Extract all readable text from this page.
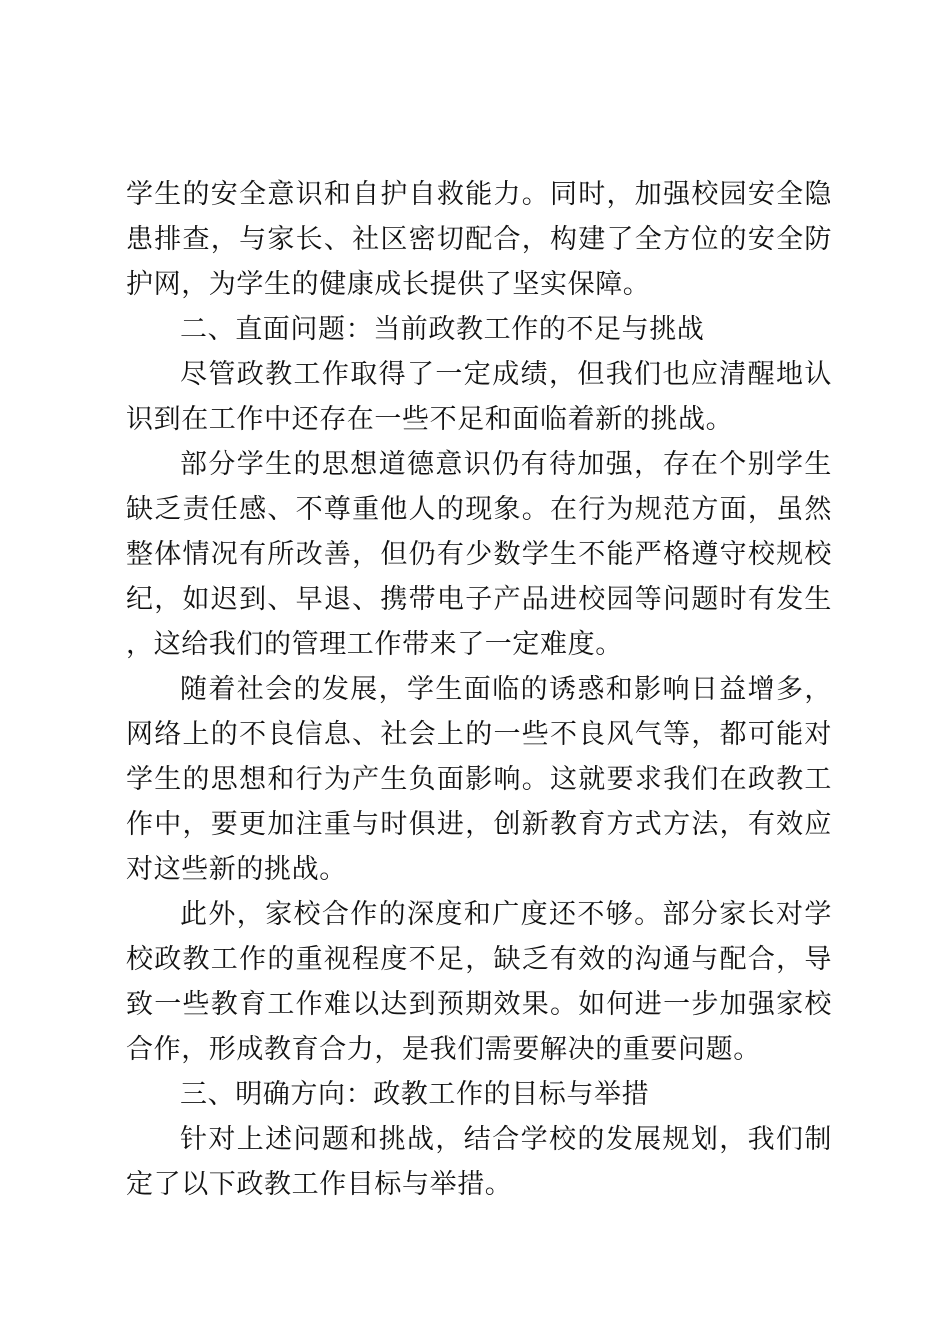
学生的安全意识和自护自救能力。同时，加强校园安全隐患排查，与家长、社区密切配合，构建了全方位的安全防护网，为学生的健康成长提供了坚实保障。

二、直面问题：当前政教工作的不足与挑战

尽管政教工作取得了一定成绩，但我们也应清醒地认识到在工作中还存在一些不足和面临着新的挑战。

部分学生的思想道德意识仍有待加强，存在个别学生缺乏责任感、不尊重他人的现象。在行为规范方面，虽然整体情况有所改善，但仍有少数学生不能严格遵守校规校纪，如迟到、早退、携带电子产品进校园等问题时有发生，这给我们的管理工作带来了一定难度。

随着社会的发展，学生面临的诱惑和影响日益增多，网络上的不良信息、社会上的一些不良风气等，都可能对学生的思想和行为产生负面影响。这就要求我们在政教工作中，要更加注重与时俱进，创新教育方式方法，有效应对这些新的挑战。

此外，家校合作的深度和广度还不够。部分家长对学校政教工作的重视程度不足，缺乏有效的沟通与配合，导致一些教育工作难以达到预期效果。如何进一步加强家校合作，形成教育合力，是我们需要解决的重要问题。

三、明确方向：政教工作的目标与举措

针对上述问题和挑战，结合学校的发展规划，我们制定了以下政教工作目标与举措。
